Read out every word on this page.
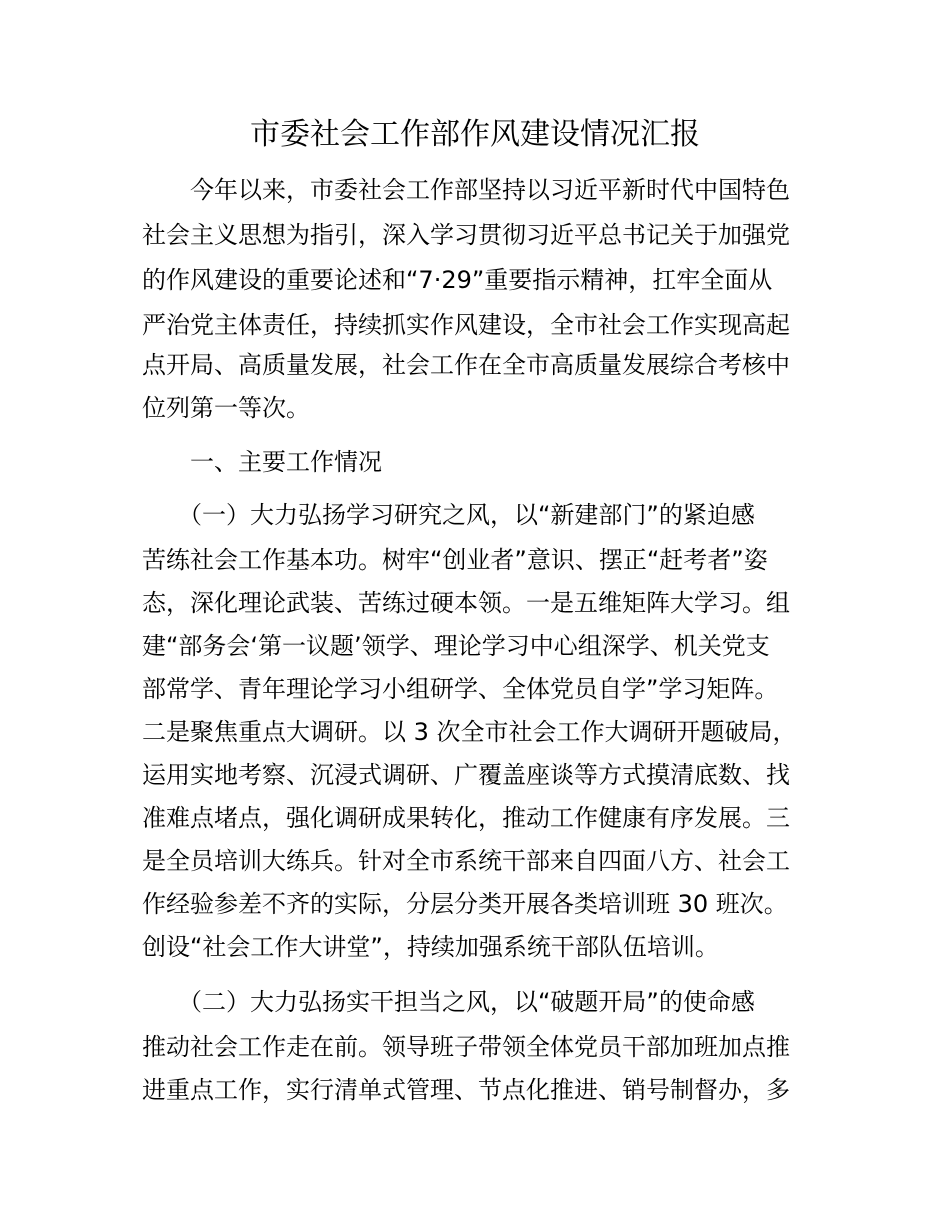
市委社会工作部作风建设情况汇报
今年以来，市委社会工作部坚持以习近平新时代中国特色
社会主义思想为指引，深入学习贯彻习近平总书记关于加强党
的作风建设的重要论述和“7·29”重要指示精神，扛牢全面从
严治党主体责任，持续抓实作风建设，全市社会工作实现高起
点开局、高质量发展，社会工作在全市高质量发展综合考核中
位列第一等次。
一、主要工作情况
（一）大力弘扬学习研究之风，以“新建部门”的紧迫感
苦练社会工作基本功。树牢“创业者”意识、摆正“赶考者”姿
态，深化理论武装、苦练过硬本领。一是五维矩阵大学习。组
建“部务会‘第一议题’领学、理论学习中心组深学、机关党支
部常学、青年理论学习小组研学、全体党员自学”学习矩阵。
二是聚焦重点大调研。以 3 次全市社会工作大调研开题破局，
运用实地考察、沉浸式调研、广覆盖座谈等方式摸清底数、找
准难点堵点，强化调研成果转化，推动工作健康有序发展。三
是全员培训大练兵。针对全市系统干部来自四面八方、社会工
作经验参差不齐的实际，分层分类开展各类培训班 30 班次。
创设“社会工作大讲堂”，持续加强系统干部队伍培训。
（二）大力弘扬实干担当之风，以“破题开局”的使命感
推动社会工作走在前。领导班子带领全体党员干部加班加点推
进重点工作，实行清单式管理、节点化推进、销号制督办，多
